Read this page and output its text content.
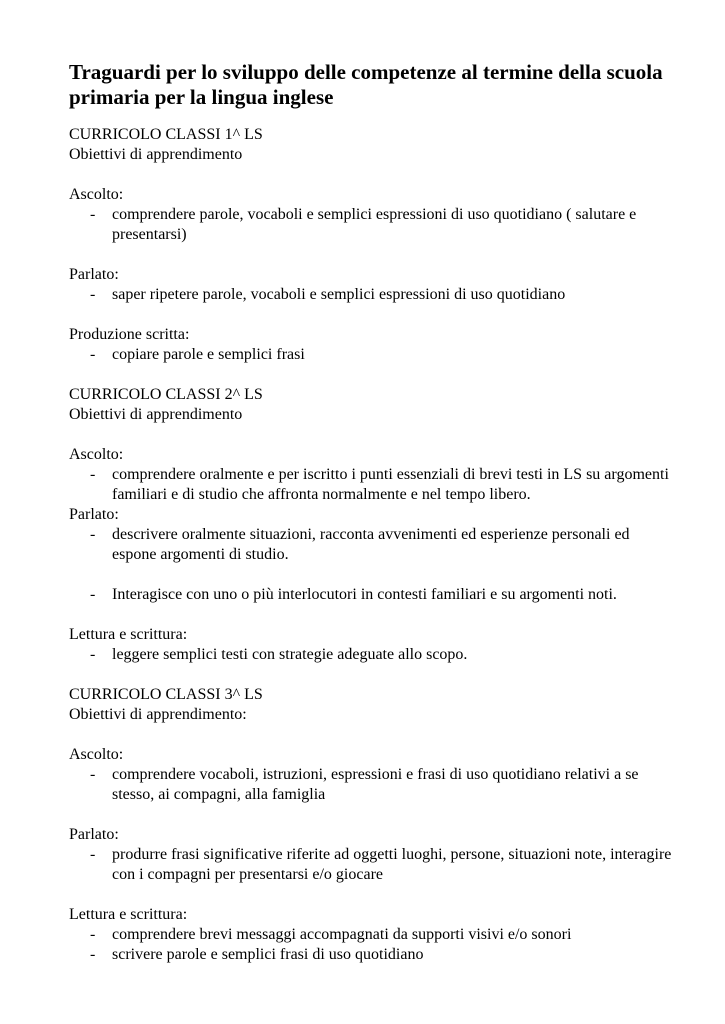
Traguardi per lo sviluppo delle competenze al termine della scuola primaria per la lingua inglese

CURRICOLO CLASSI 1^ LS

Obiettivi di apprendimento

Ascolto:

- comprendere parole, vocaboli e semplici espressioni di uso quotidiano ( salutare e presentarsi)

Parlato:

- saper ripetere parole, vocaboli e semplici espressioni di uso quotidiano

Produzione scritta:

- copiare parole e semplici frasi

CURRICOLO CLASSI 2^ LS

Obiettivi di apprendimento

Ascolto:

- comprendere oralmente e per iscritto i punti essenziali di brevi testi in LS su argomenti familiari e di studio che affronta normalmente e nel tempo libero.

Parlato:

- descrivere oralmente situazioni, racconta avvenimenti ed esperienze personali ed espone argomenti di studio.
- Interagisce con uno o più interlocutori in contesti familiari e su argomenti noti.

Lettura e scrittura:

- leggere semplici testi con strategie adeguate allo scopo.

CURRICOLO CLASSI 3^ LS

Obiettivi di apprendimento:

Ascolto:

- comprendere vocaboli, istruzioni, espressioni e frasi di uso quotidiano relativi a se stesso, ai compagni, alla famiglia

Parlato:

- produrre frasi significative riferite ad oggetti luoghi, persone, situazioni note, interagire con i compagni per presentarsi e/o giocare

Lettura e scrittura:

- comprendere brevi messaggi accompagnati da supporti visivi e/o sonori
- scrivere parole e semplici frasi di uso quotidiano
